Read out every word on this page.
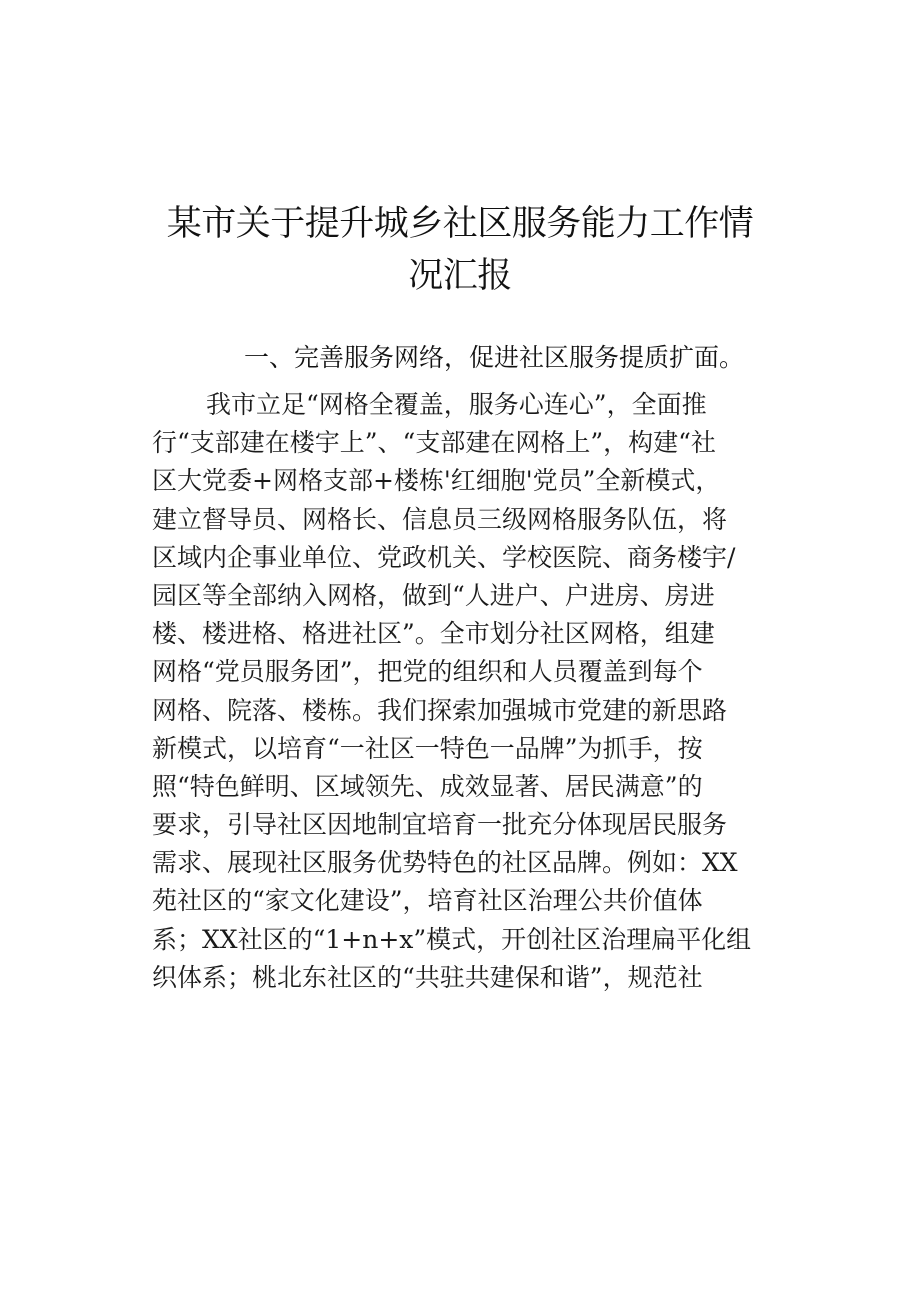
某市关于提升城乡社区服务能力工作情
况汇报
一、完善服务网络，促进社区服务提质扩面。
我市立足“网格全覆盖，服务心连心”，全面推
行“支部建在楼宇上”、“支部建在网格上”，构建“社
区大党委+网格支部+楼栋'红细胞'党员”全新模式，
建立督导员、网格长、信息员三级网格服务队伍，将
区域内企事业单位、党政机关、学校医院、商务楼宇/
园区等全部纳入网格，做到“人进户、户进房、房进
楼、楼进格、格进社区”。全市划分社区网格，组建
网格“党员服务团”，把党的组织和人员覆盖到每个
网格、院落、楼栋。我们探索加强城市党建的新思路
新模式，以培育“一社区一特色一品牌”为抓手，按
照“特色鲜明、区域领先、成效显著、居民满意”的
要求，引导社区因地制宜培育一批充分体现居民服务
需求、展现社区服务优势特色的社区品牌。例如：XX
苑社区的“家文化建设”，培育社区治理公共价值体
系；XX社区的“1+n+x”模式，开创社区治理扁平化组
织体系；桃北东社区的“共驻共建保和谐”，规范社
